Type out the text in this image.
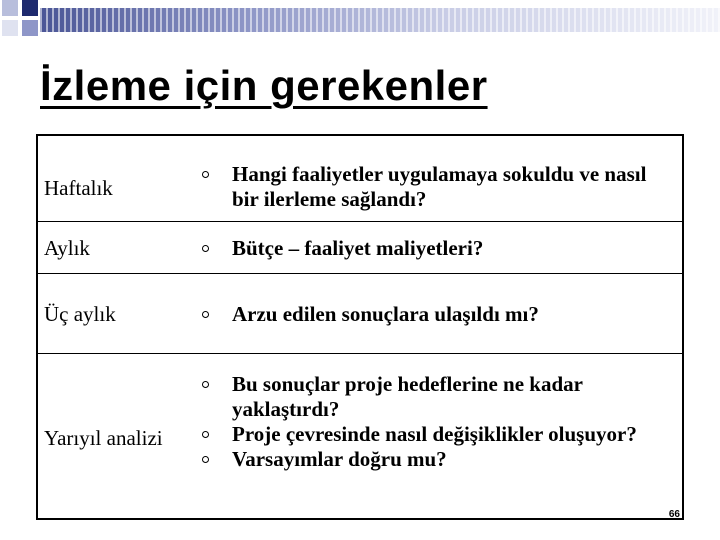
İzleme için gerekenler
Haftalık
Hangi faaliyetler uygulamaya sokuldu ve nasıl bir ilerleme sağlandı?
Aylık	Bütçe – faaliyet maliyetleri?
Üç aylık	Arzu edilen sonuçlara ulaşıldı mı?
Yarıyıl analizi
Bu sonuçlar proje hedeflerine ne kadar yaklaştırdı?
Proje çevresinde nasıl değişiklikler oluşuyor?
Varsayımlar doğru mu?
66
